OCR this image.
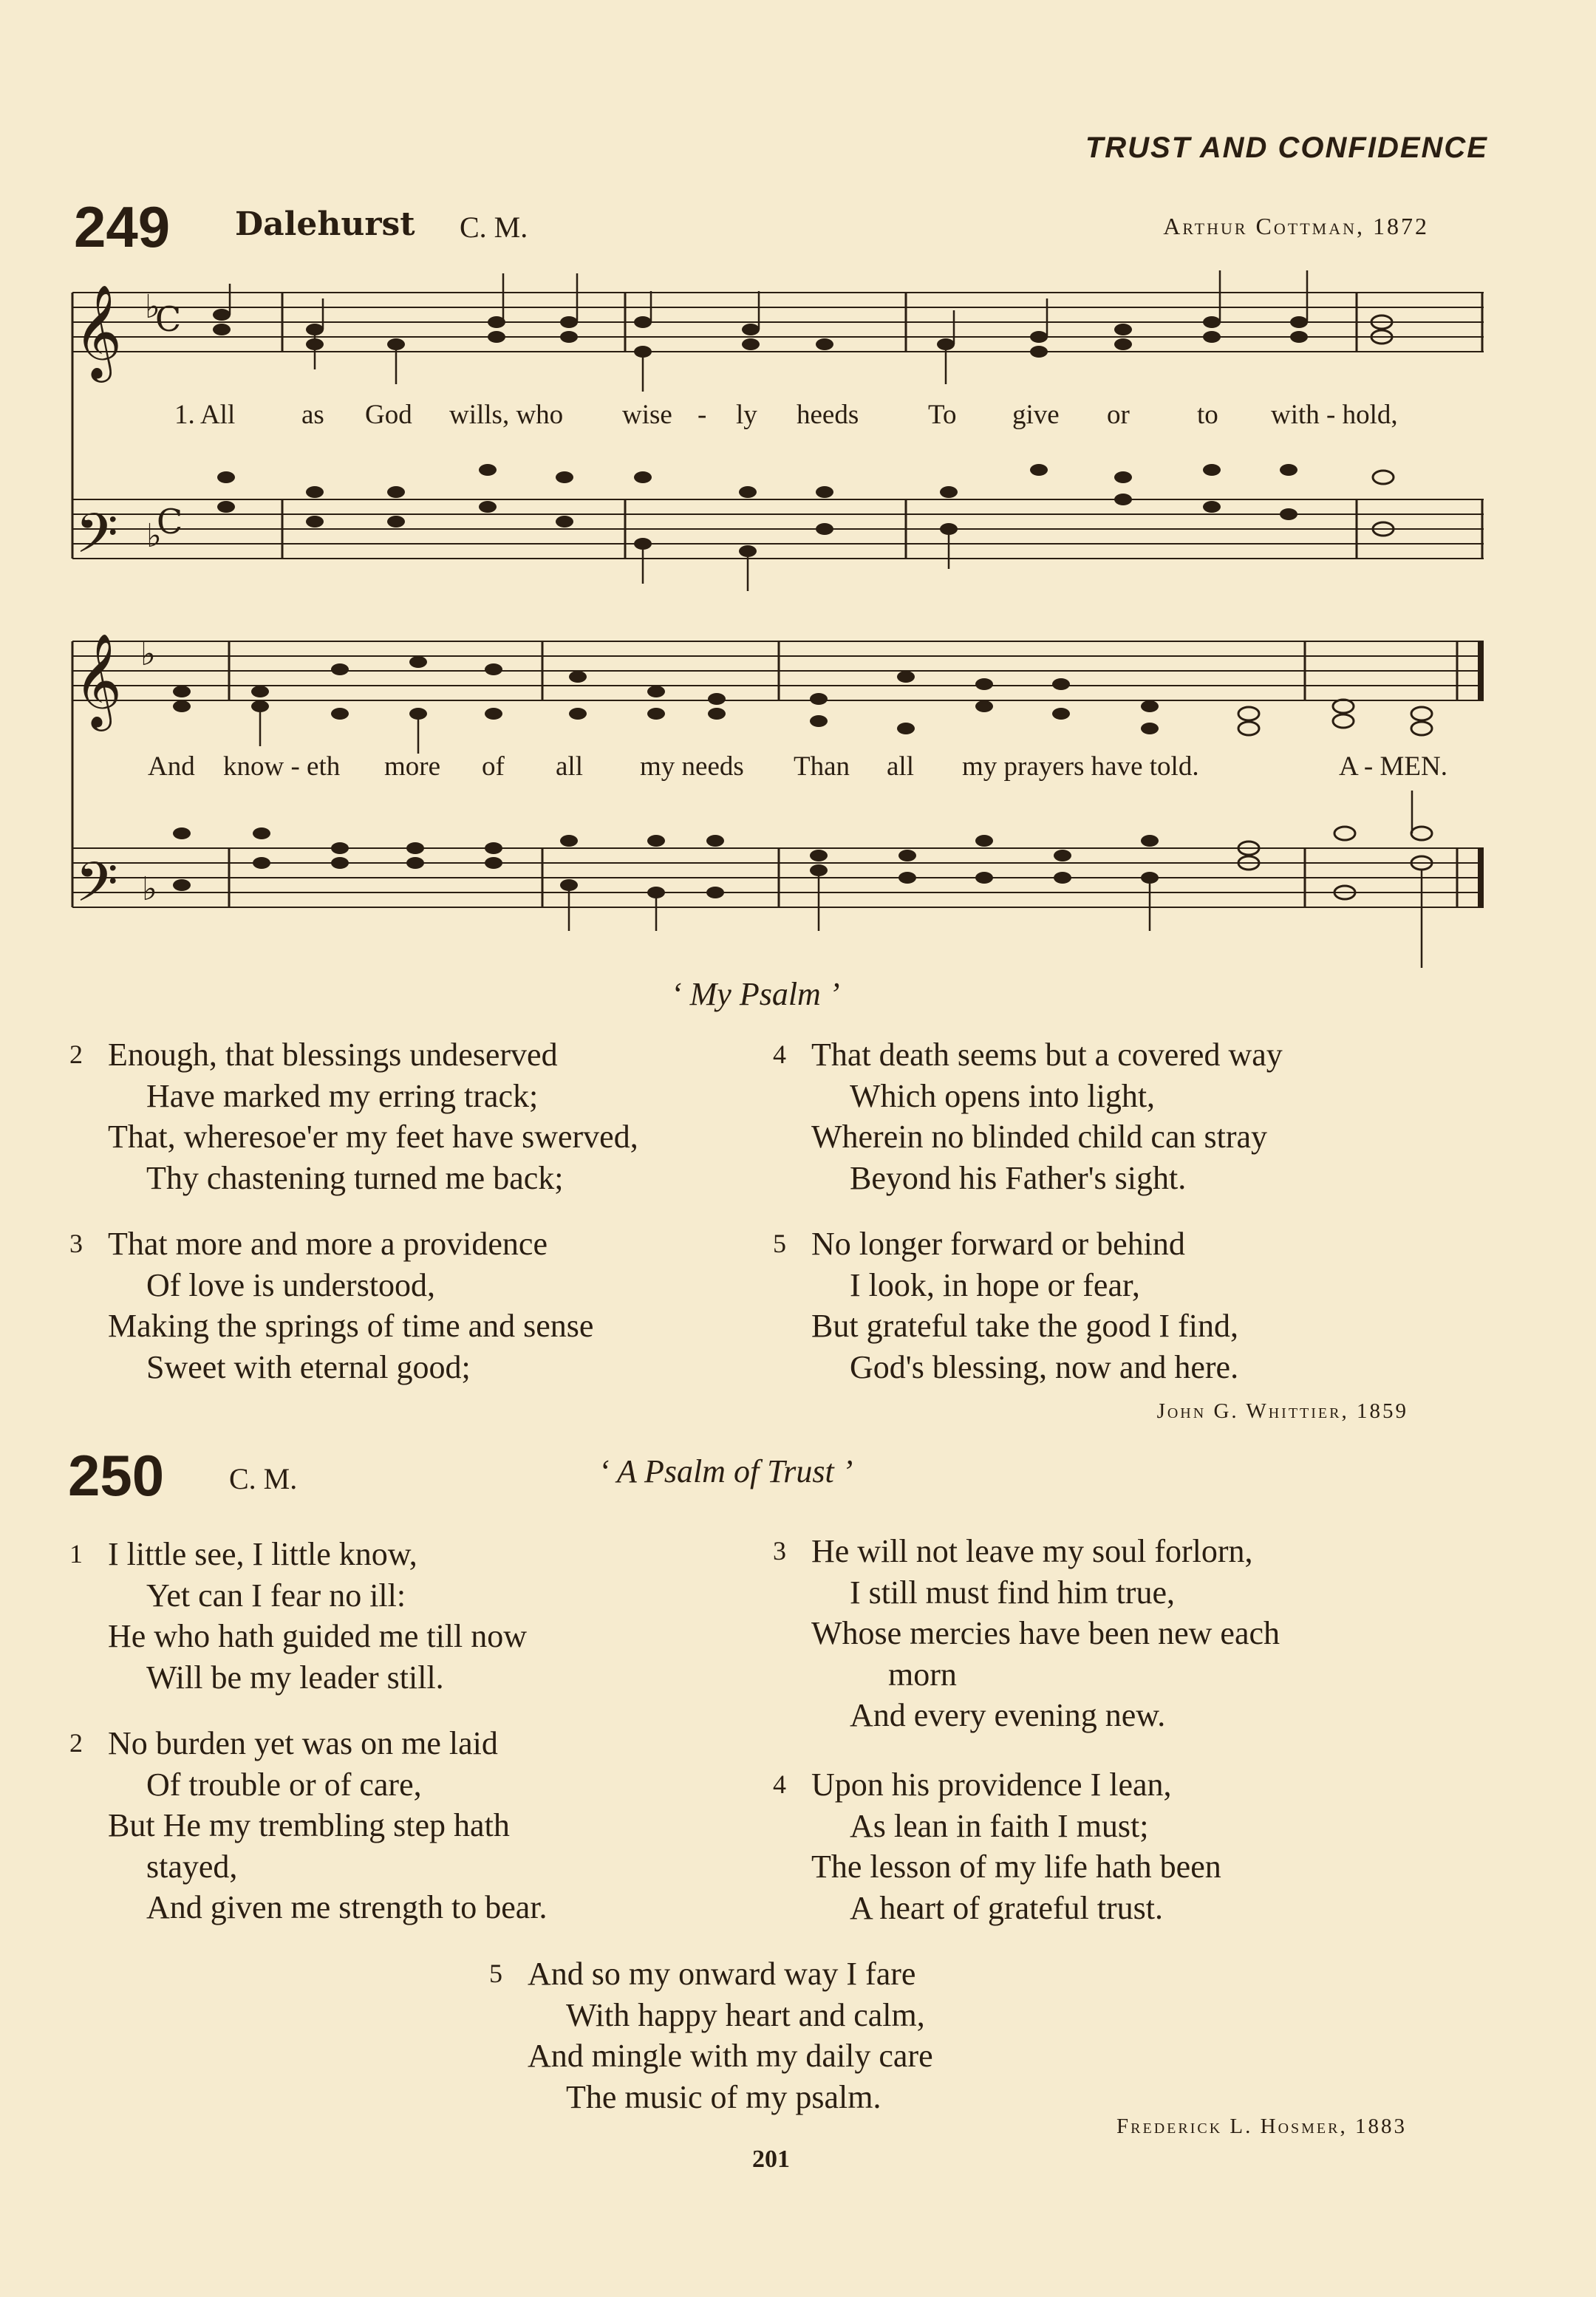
TRUST AND CONFIDENCE
249 Dalehurst C. M.	Arthur Cottman, 1872
𝄞
𝄢
𝄞
𝄢
♭
C
♭
C
♭
♭
1. All as God wills, who wise - ly heeds	To give or to with - hold,
And know - eth more of all my needs Than all my prayers have told.	A - MEN.
‘ My Psalm ’
2 Enough, that blessings undeserved
Have marked my erring track;
That, wheresoe'er my feet have swerved,
Thy chastening turned me back;
3 That more and more a providence
Of love is understood,
Making the springs of time and sense
Sweet with eternal good;
4 That death seems but a covered way
Which opens into light,
Wherein no blinded child can stray
Beyond his Father's sight.
5 No longer forward or behind
I look, in hope or fear,
But grateful take the good I find,
God's blessing, now and here.
John G. Whittier, 1859
250 C. M.	‘ A Psalm of Trust ’
1 I little see, I little know,
Yet can I fear no ill:
He who hath guided me till now
Will be my leader still.
2 No burden yet was on me laid
Of trouble or of care,
But He my trembling step hath
stayed,
And given me strength to bear.
3 He will not leave my soul forlorn,
I still must find him true,
Whose mercies have been new each
morn
And every evening new.
4 Upon his providence I lean,
As lean in faith I must;
The lesson of my life hath been
A heart of grateful trust.
5 And so my onward way I fare
With happy heart and calm,
And mingle with my daily care
The music of my psalm.
Frederick L. Hosmer, 1883
201
